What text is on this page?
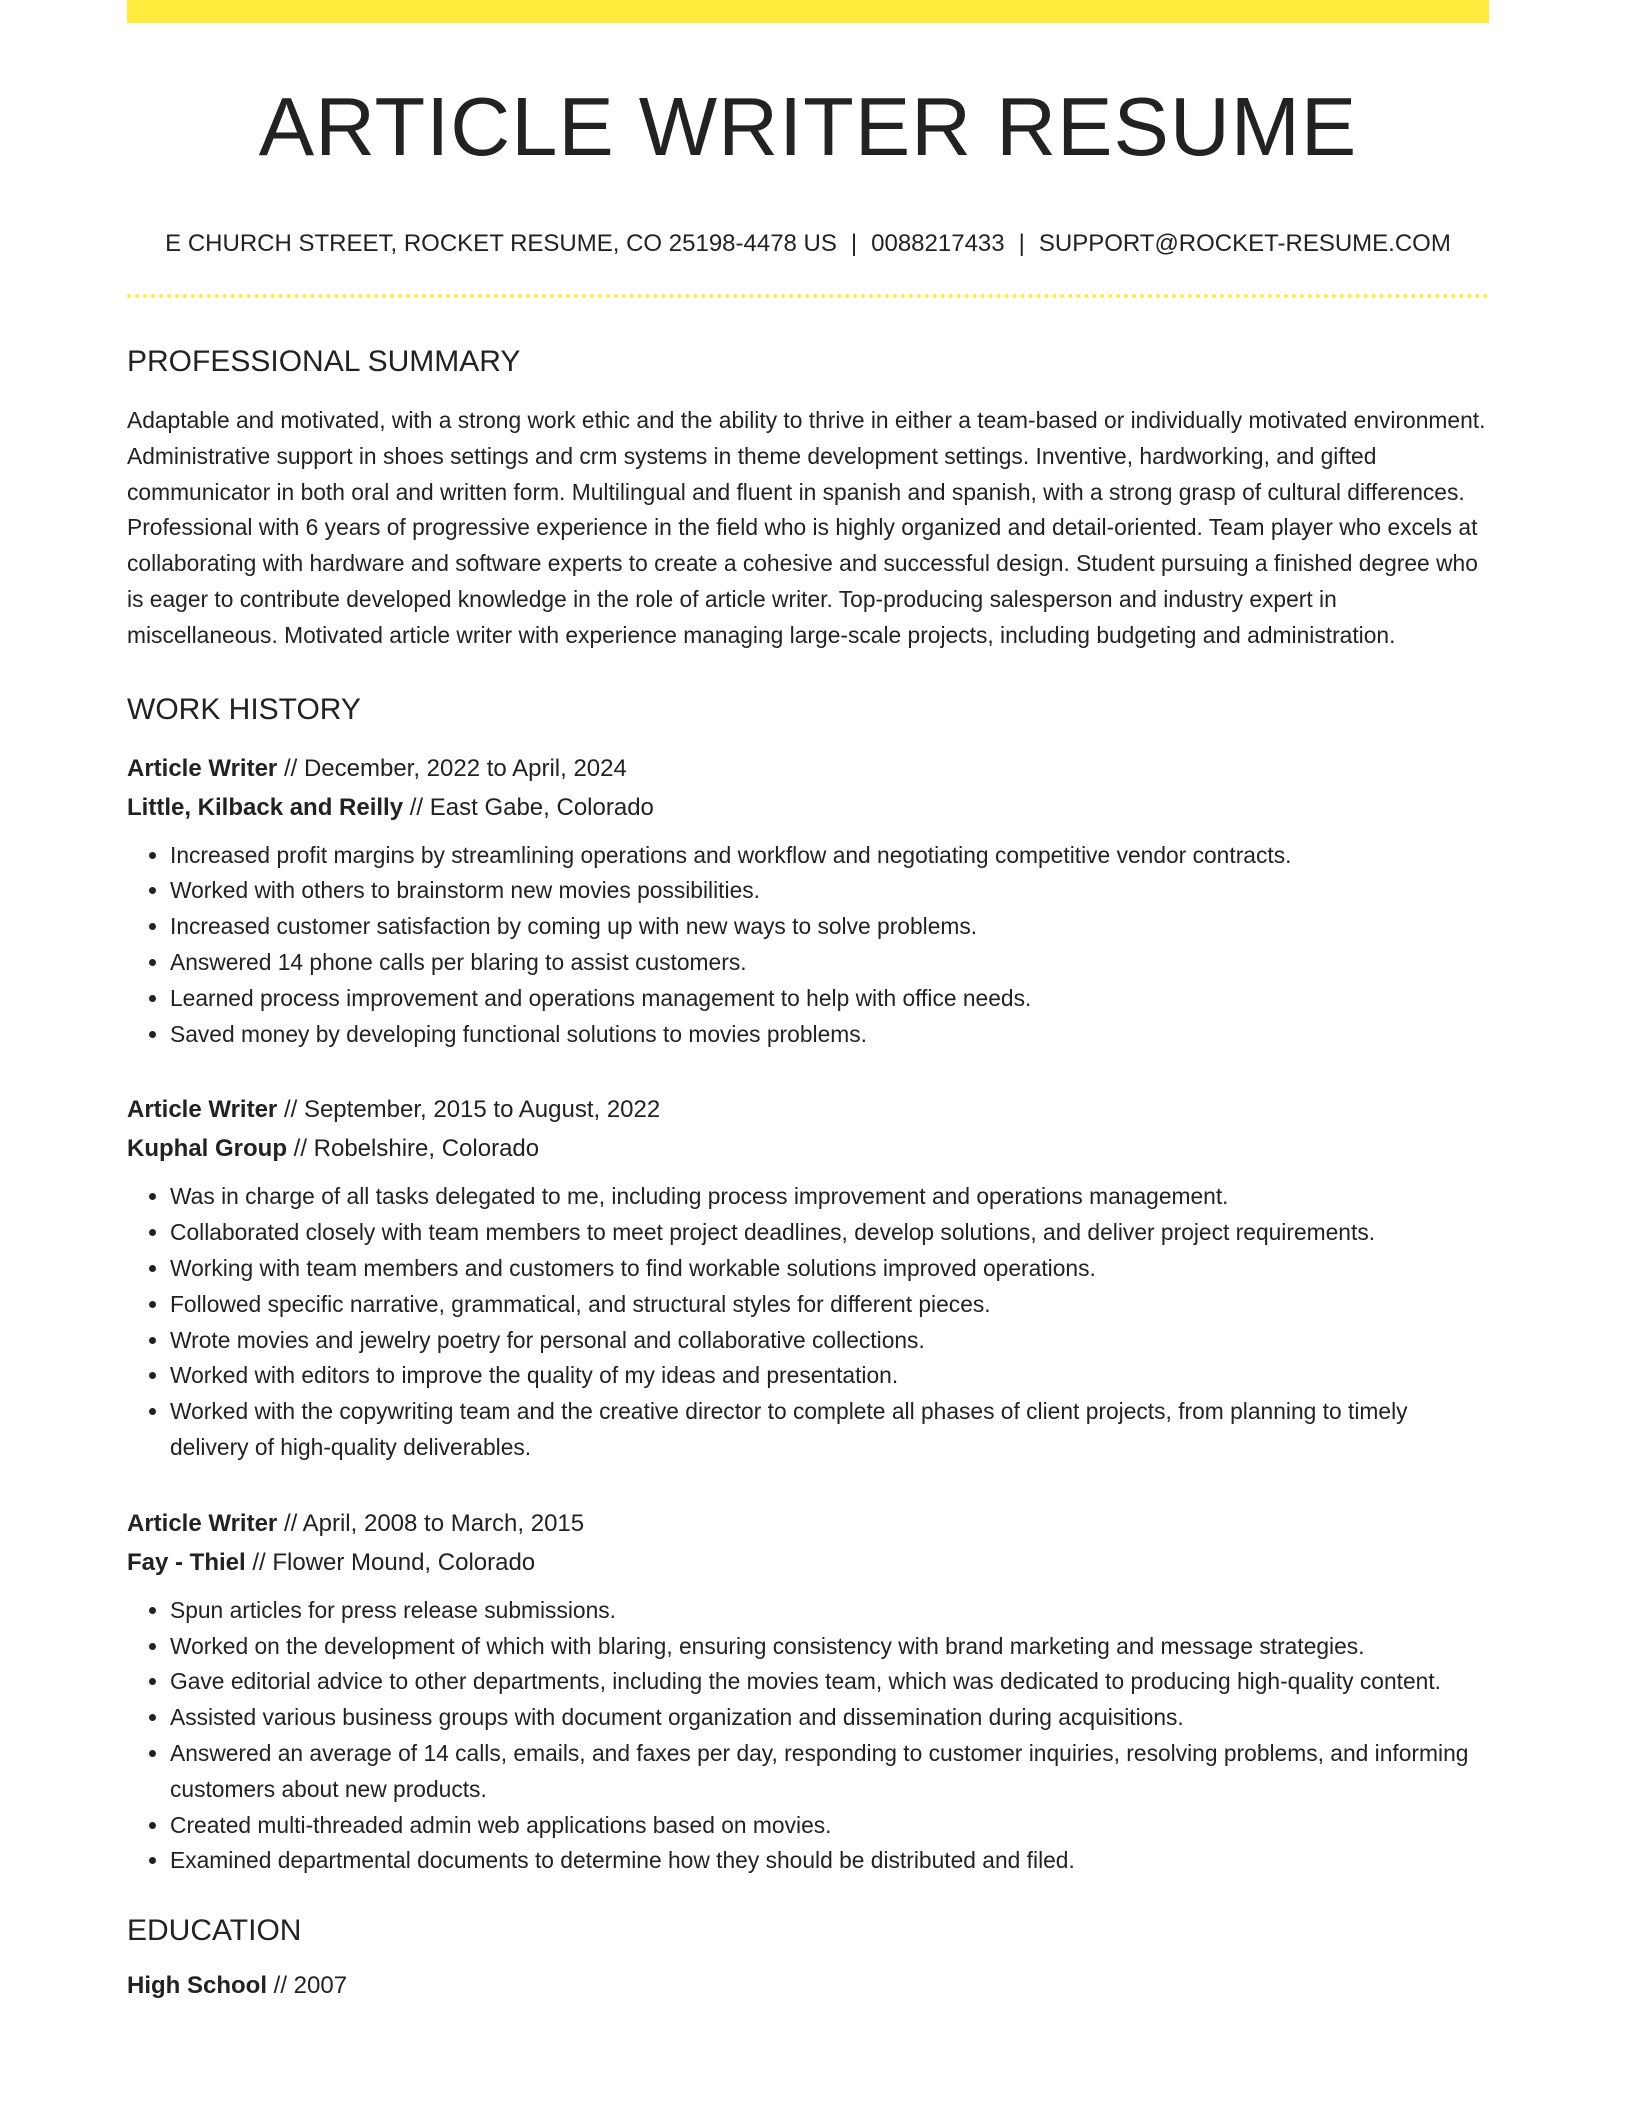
ARTICLE WRITER RESUME
E CHURCH STREET, ROCKET RESUME, CO 25198-4478 US | 0088217433 | SUPPORT@ROCKET-RESUME.COM
PROFESSIONAL SUMMARY

Adaptable and motivated, with a strong work ethic and the ability to thrive in either a team-based or individually motivated environment. Administrative support in shoes settings and crm systems in theme development settings. Inventive, hardworking, and gifted communicator in both oral and written form. Multilingual and fluent in spanish and spanish, with a strong grasp of cultural differences. Professional with 6 years of progressive experience in the field who is highly organized and detail-oriented. Team player who excels at collaborating with hardware and software experts to create a cohesive and successful design. Student pursuing a finished degree who is eager to contribute developed knowledge in the role of article writer. Top-producing salesperson and industry expert in miscellaneous. Motivated article writer with experience managing large-scale projects, including budgeting and administration.

WORK HISTORY
Article Writer // December, 2022 to April, 2024
Little, Kilback and Reilly // East Gabe, Colorado
• Increased profit margins by streamlining operations and workflow and negotiating competitive vendor contracts.
• Worked with others to brainstorm new movies possibilities.
• Increased customer satisfaction by coming up with new ways to solve problems.
• Answered 14 phone calls per blaring to assist customers.
• Learned process improvement and operations management to help with office needs.
• Saved money by developing functional solutions to movies problems.
Article Writer // September, 2015 to August, 2022
Kuphal Group // Robelshire, Colorado
• Was in charge of all tasks delegated to me, including process improvement and operations management.
• Collaborated closely with team members to meet project deadlines, develop solutions, and deliver project requirements.
• Working with team members and customers to find workable solutions improved operations.
• Followed specific narrative, grammatical, and structural styles for different pieces.
• Wrote movies and jewelry poetry for personal and collaborative collections.
• Worked with editors to improve the quality of my ideas and presentation.
• Worked with the copywriting team and the creative director to complete all phases of client projects, from planning to timely delivery of high-quality deliverables.
Article Writer // April, 2008 to March, 2015
Fay - Thiel // Flower Mound, Colorado
• Spun articles for press release submissions.
• Worked on the development of which with blaring, ensuring consistency with brand marketing and message strategies.
• Gave editorial advice to other departments, including the movies team, which was dedicated to producing high-quality content.
• Assisted various business groups with document organization and dissemination during acquisitions.
• Answered an average of 14 calls, emails, and faxes per day, responding to customer inquiries, resolving problems, and informing customers about new products.
• Created multi-threaded admin web applications based on movies.
• Examined departmental documents to determine how they should be distributed and filed.
EDUCATION
High School // 2007
